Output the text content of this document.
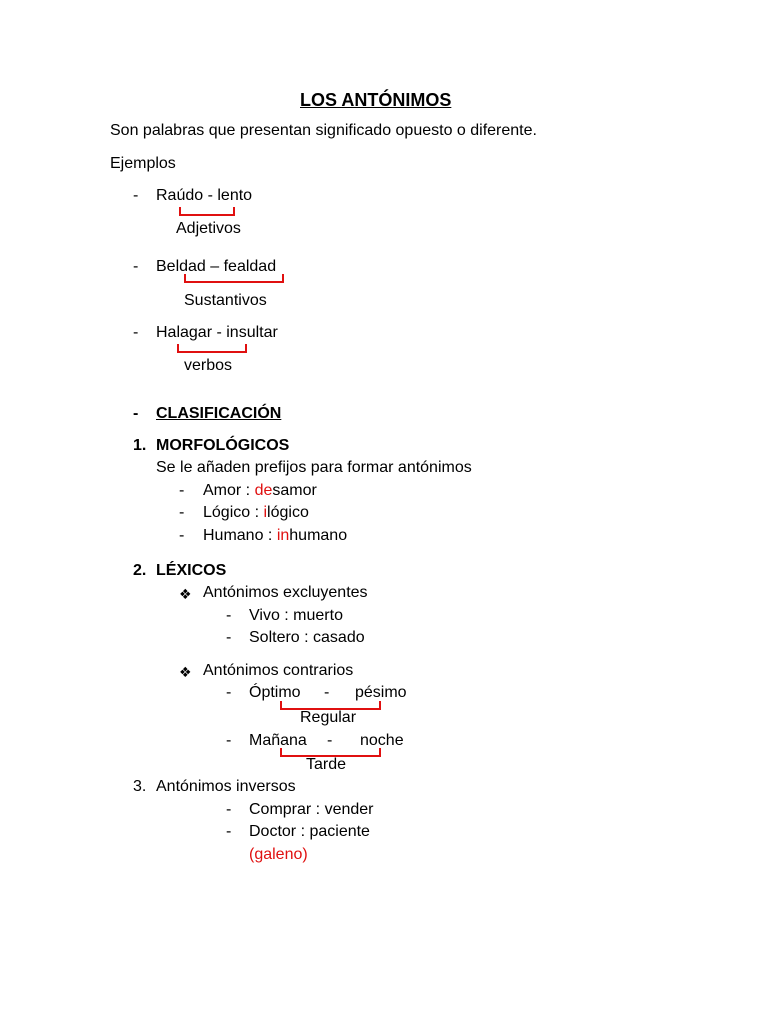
LOS ANTÓNIMOS
Son palabras que presentan significado opuesto o diferente.
Ejemplos
- Raúdo - lento
Adjetivos
- Beldad – fealdad
Sustantivos
- Halagar - insultar
verbos
- CLASIFICACIÓN
1. MORFOLÓGICOS
Se le añaden prefijos para formar antónimos
- Amor : desamor
- Lógico : ilógico
- Humano : inhumano
2. LÉXICOS
❖ Antónimos excluyentes
- Vivo : muerto
- Soltero : casado
❖ Antónimos contrarios
- Óptimo - pésimo
Regular
- Mañana - noche
Tarde
3. Antónimos inversos
- Comprar : vender
- Doctor : paciente
(galeno)
